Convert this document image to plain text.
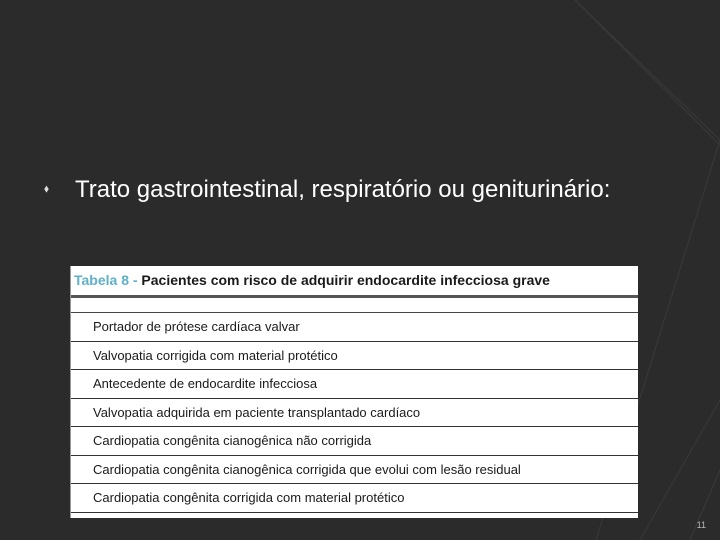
⬧ Trato gastrointestinal, respiratório ou geniturinário:
Tabela 8 - Pacientes com risco de adquirir endocardite infecciosa grave
Portador de prótese cardíaca valvar
Valvopatia corrigida com material protético
Antecedente de endocardite infecciosa
Valvopatia adquirida em paciente transplantado cardíaco
Cardiopatia congênita cianogênica não corrigida
Cardiopatia congênita cianogênica corrigida que evolui com lesão residual
Cardiopatia congênita corrigida com material protético
11
